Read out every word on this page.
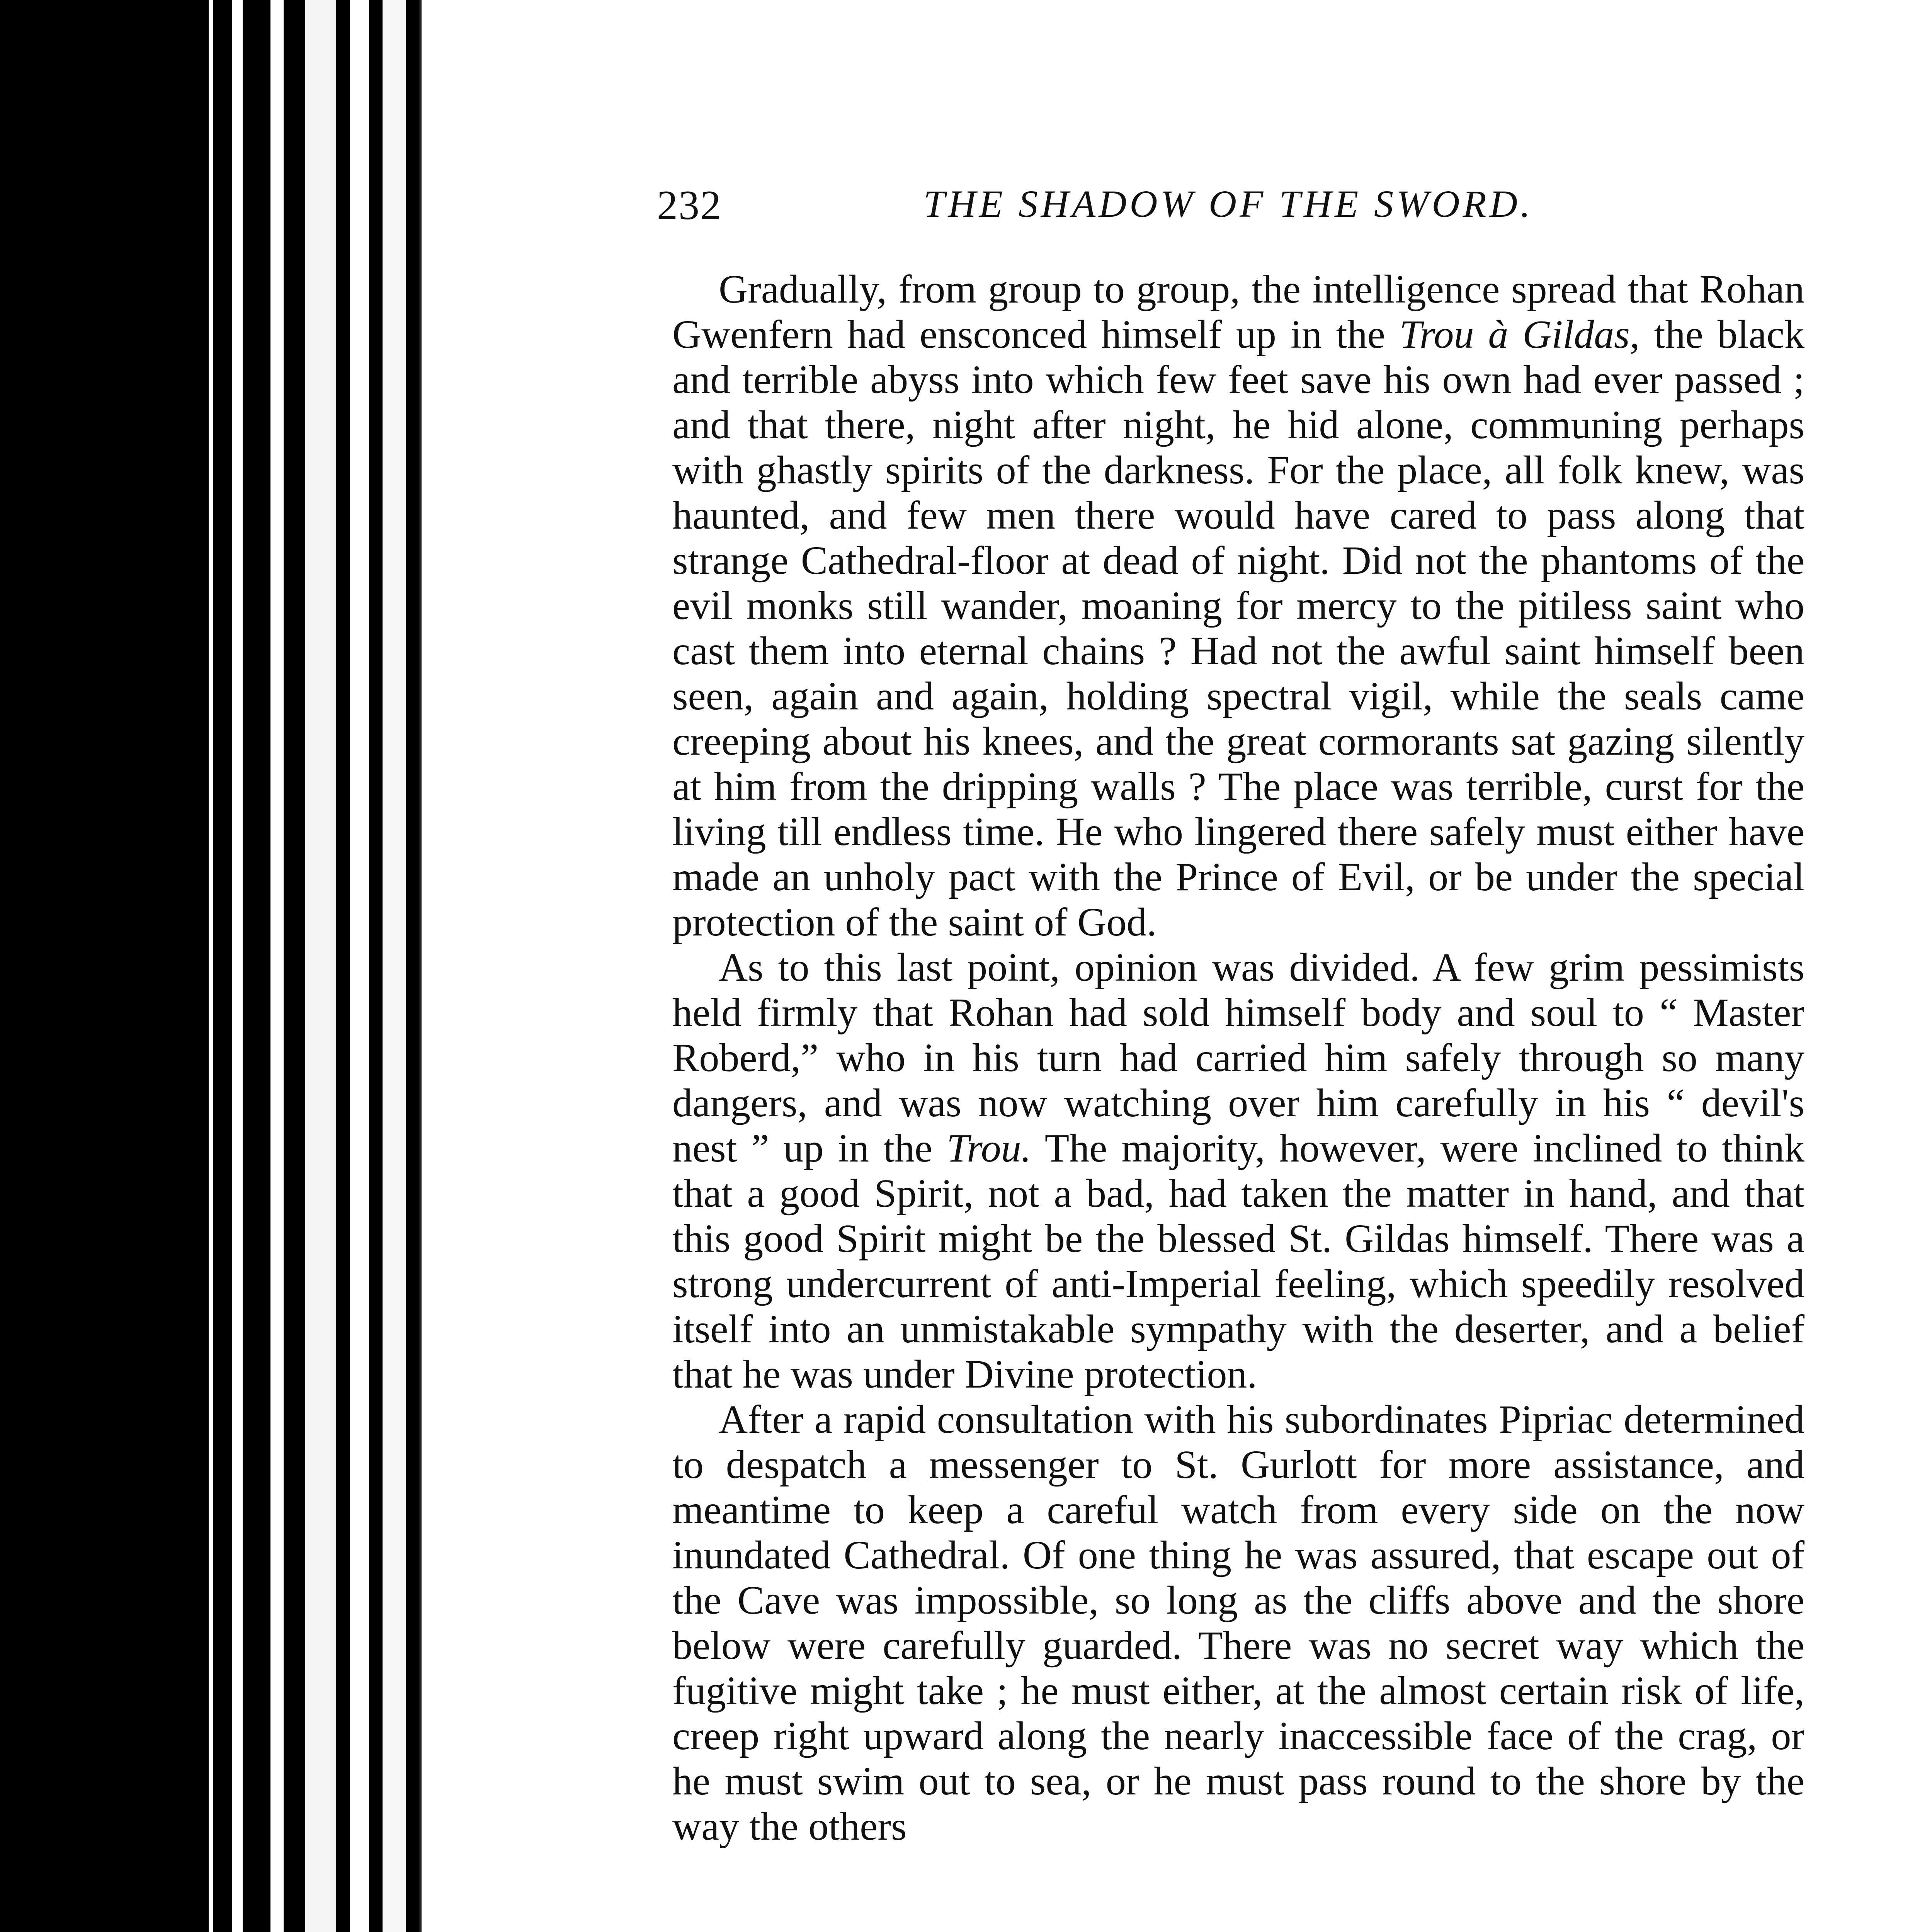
232	THE SHADOW OF THE SWORD.

Gradually, from group to group, the intelligence spread that Rohan Gwenfern had ensconced himself up in the Trou à Gildas, the black and terrible abyss into which few feet save his own had ever passed ; and that there, night after night, he hid alone, communing perhaps with ghastly spirits of the darkness. For the place, all folk knew, was haunted, and few men there would have cared to pass along that strange Cathedral-floor at dead of night. Did not the phantoms of the evil monks still wander, moaning for mercy to the pitiless saint who cast them into eternal chains ? Had not the awful saint himself been seen, again and again, holding spectral vigil, while the seals came creeping about his knees, and the great cormorants sat gazing silently at him from the dripping walls ? The place was terrible, curst for the living till endless time. He who lingered there safely must either have made an unholy pact with the Prince of Evil, or be under the special protection of the saint of God.

As to this last point, opinion was divided. A few grim pessimists held firmly that Rohan had sold himself body and soul to “ Master Roberd,” who in his turn had carried him safely through so many dangers, and was now watching over him carefully in his “ devil's nest ” up in the Trou. The majority, however, were inclined to think that a good Spirit, not a bad, had taken the matter in hand, and that this good Spirit might be the blessed St. Gildas himself. There was a strong undercurrent of anti-Imperial feeling, which speedily resolved itself into an unmistakable sympathy with the deserter, and a belief that he was under Divine protection.

After a rapid consultation with his subordinates Pipriac determined to despatch a messenger to St. Gurlott for more assistance, and meantime to keep a careful watch from every side on the now inundated Cathedral. Of one thing he was assured, that escape out of the Cave was impossible, so long as the cliffs above and the shore below were carefully guarded. There was no secret way which the fugitive might take ; he must either, at the almost certain risk of life, creep right upward along the nearly inaccessible face of the crag, or he must swim out to sea, or he must pass round to the shore by the way the others
